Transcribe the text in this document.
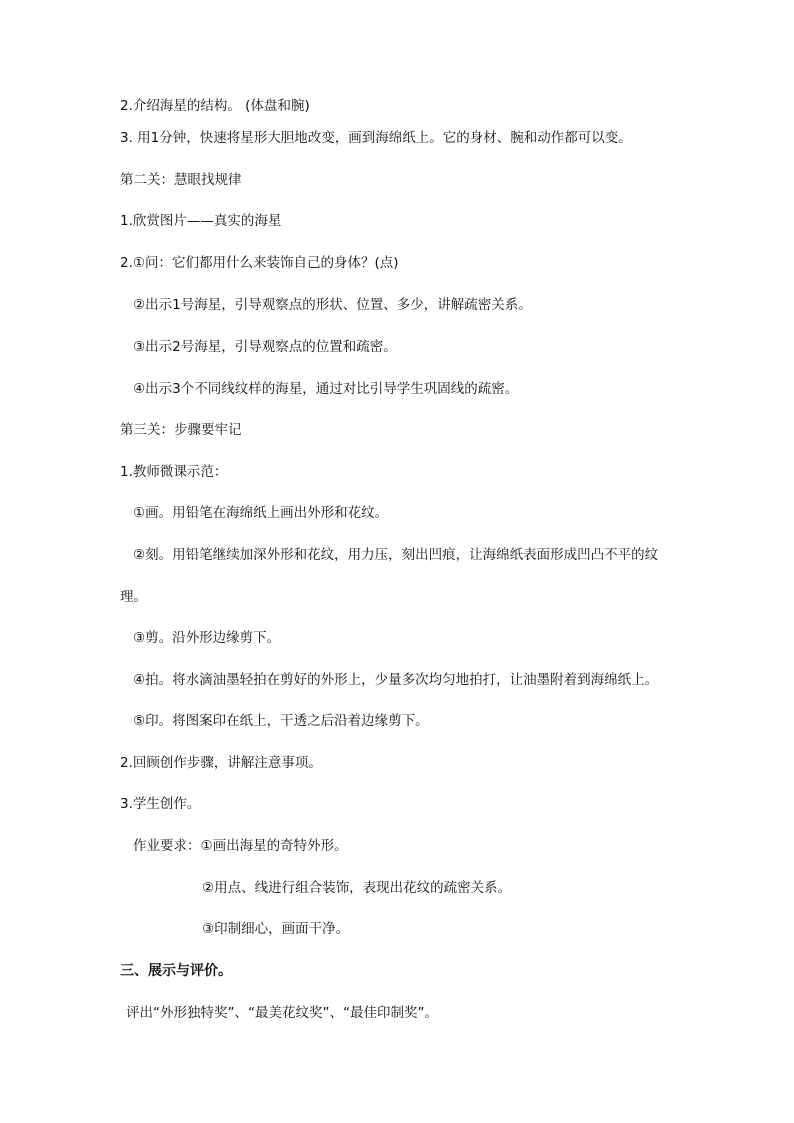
2.介绍海星的结构。 (体盘和腕)
3. 用1分钟，快速将星形大胆地改变，画到海绵纸上。它的身材、腕和动作都可以变。
第二关：慧眼找规律
1.欣赏图片——真实的海星
2.①问：它们都用什么来装饰自己的身体？(点)
②出示1号海星，引导观察点的形状、位置、多少，讲解疏密关系。
③出示2号海星，引导观察点的位置和疏密。
④出示3个不同线纹样的海星，通过对比引导学生巩固线的疏密。
第三关：步骤要牢记
1.教师微课示范：
①画。用铅笔在海绵纸上画出外形和花纹。
②刻。用铅笔继续加深外形和花纹，用力压，刻出凹痕，让海绵纸表面形成凹凸不平的纹
理。
③剪。沿外形边缘剪下。
④拍。将水滴油墨轻拍在剪好的外形上，少量多次均匀地拍打，让油墨附着到海绵纸上。
⑤印。将图案印在纸上，干透之后沿着边缘剪下。
2.回顾创作步骤，讲解注意事项。
3.学生创作。
作业要求：①画出海星的奇特外形。
②用点、线进行组合装饰，表现出花纹的疏密关系。
③印制细心，画面干净。
三、展示与评价。
评出“外形独特奖”、“最美花纹奖”、“最佳印制奖”。
